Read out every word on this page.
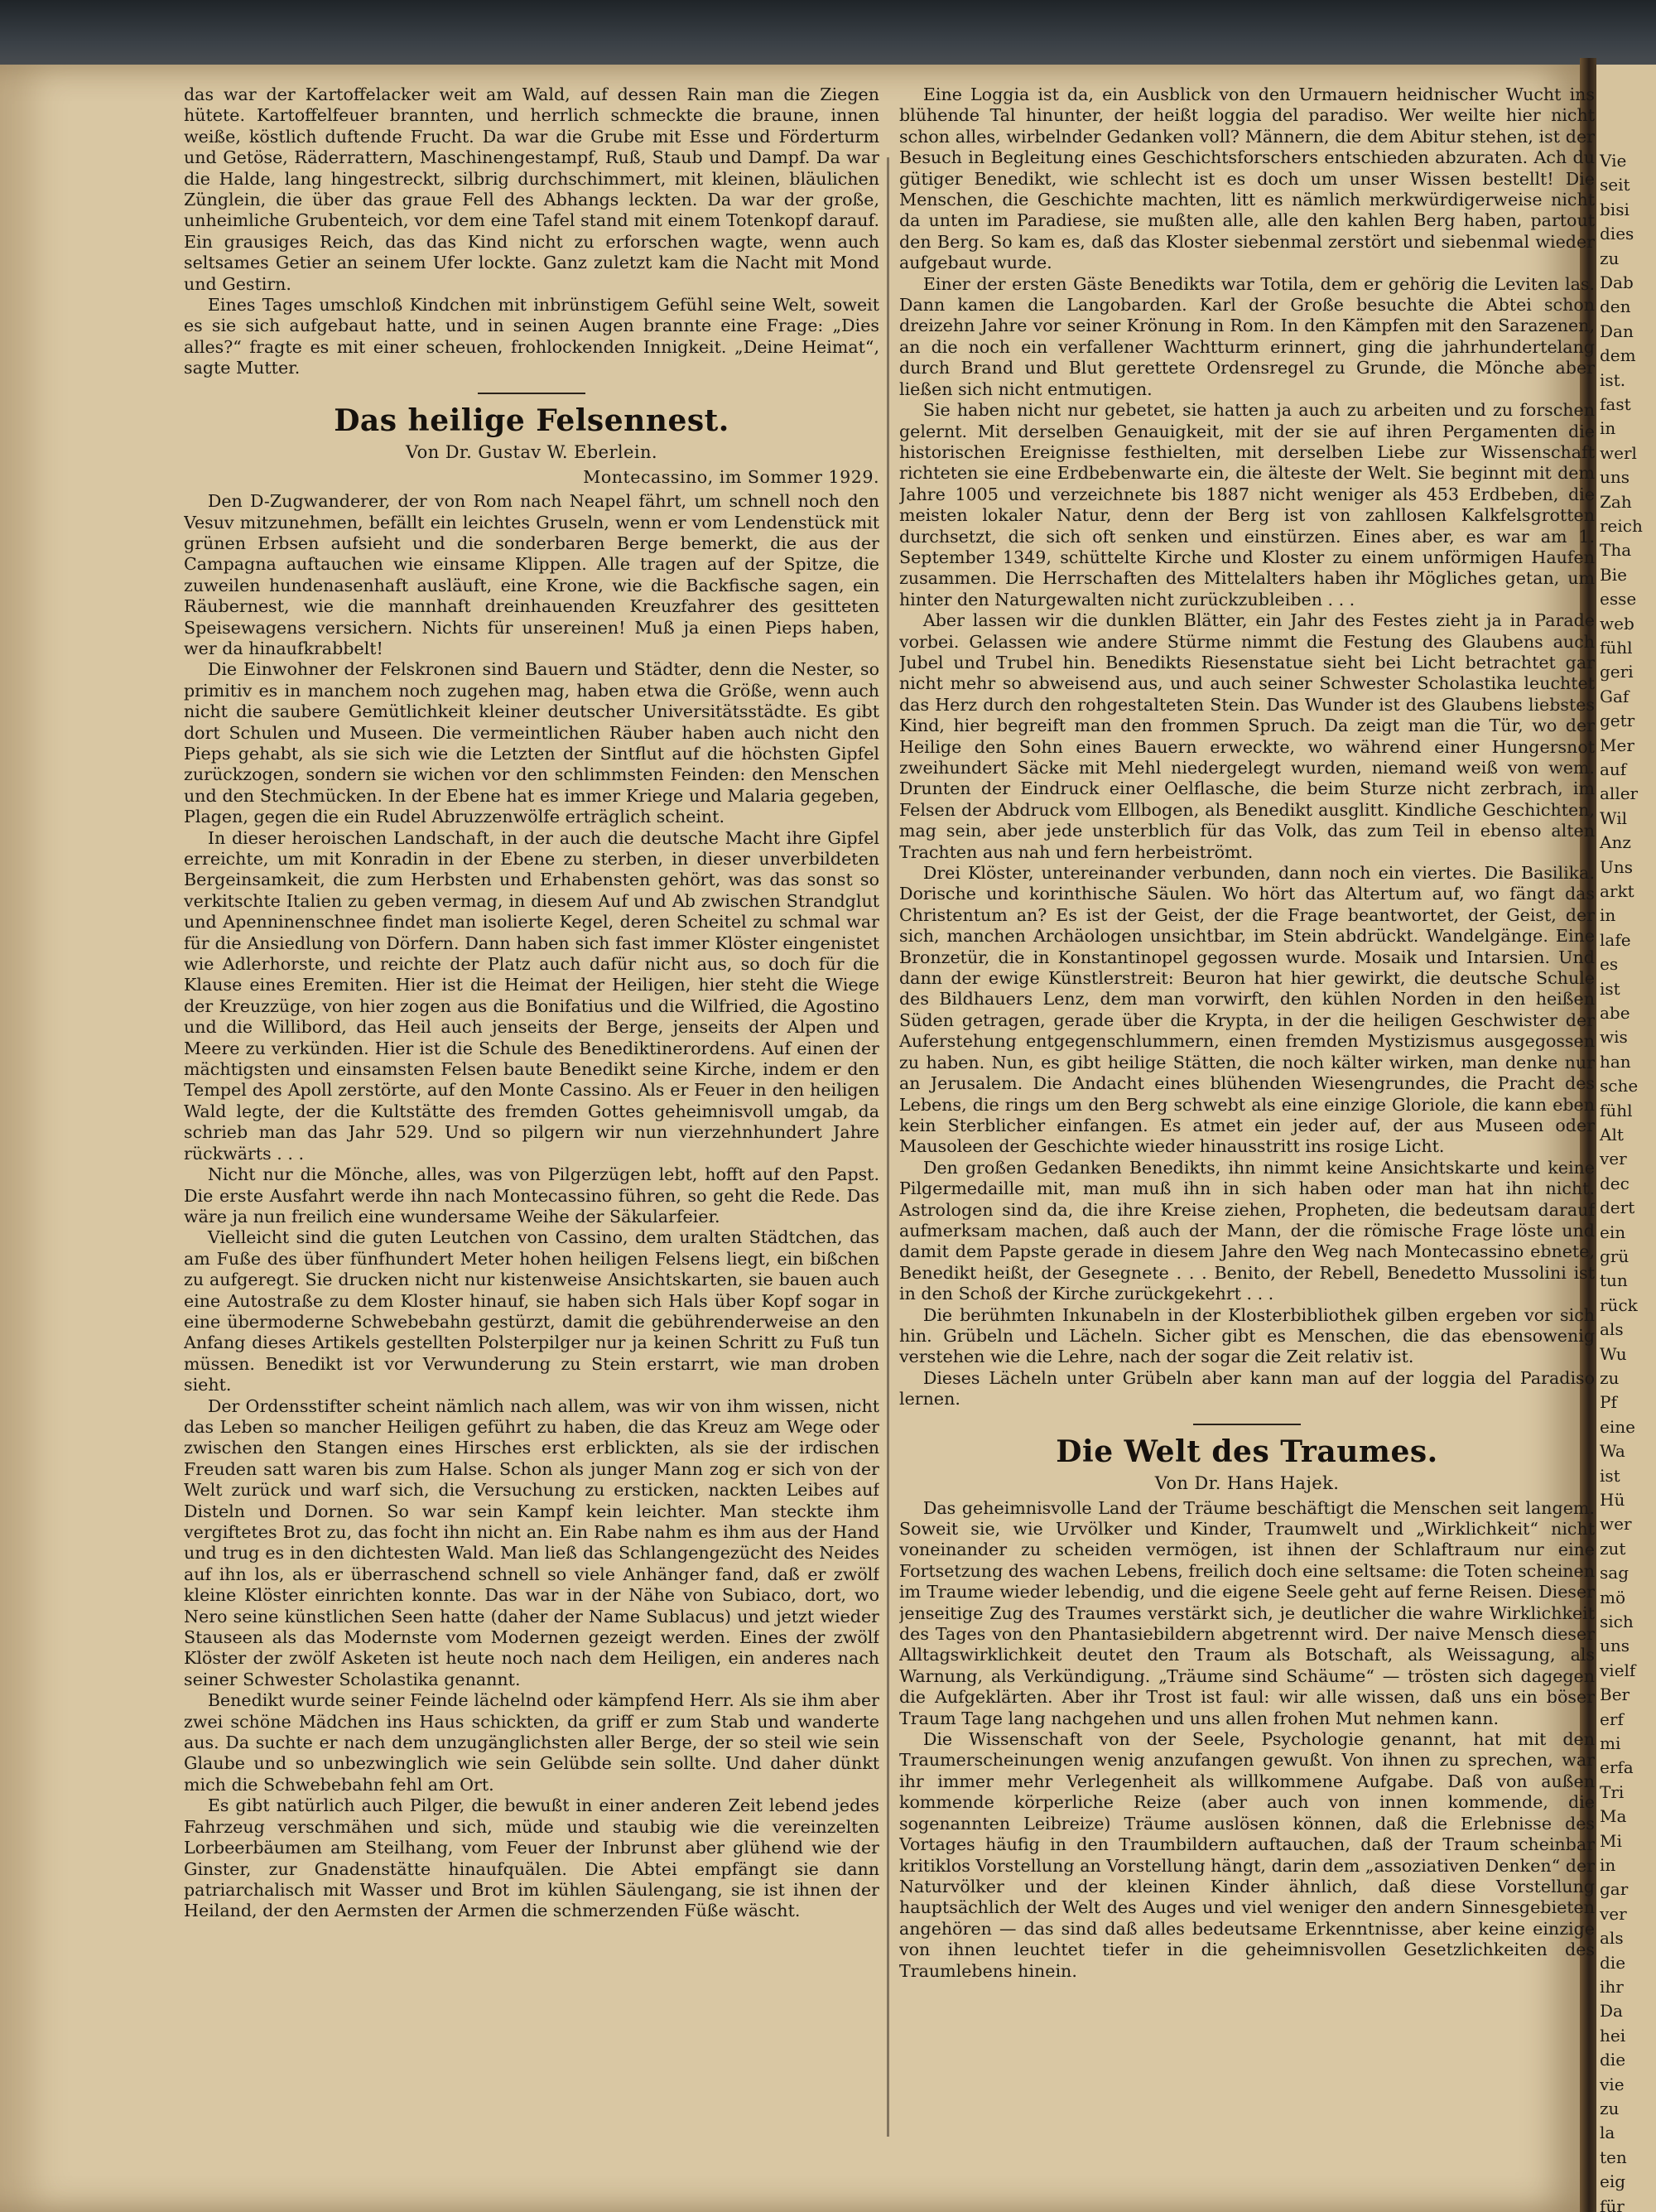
Vie
seit
bisi
dies
zu
Dab
den
Dan
dem
ist.
fast
in
werl
uns
Zah
reich
Tha
Bie
esse
web
fühl
geri
Gaf
getr
Mer
auf
aller
Wil
Anz
Uns
arkt
in
lafe
es
ist
abe
wis
han
sche
fühl
Alt
ver
dec
dert
ein
grü
tun
rück
als
Wu
zu
Pf
eine
Wa
ist
Hü
wer
zut
sag
mö
sich
uns
vielf
Ber
erf
mi
erfa
Tri
Ma
Mi
in
gar
ver
als
die
ihr
Da
hei
die
vie
zu
la
ten
eig
für

das war der Kartoffelacker weit am Wald, auf dessen Rain man die Ziegen hütete. Kartoffelfeuer brannten, und herrlich schmeckte die braune, innen weiße, köstlich duftende Frucht. Da war die Grube mit Esse und Förderturm und Getöse, Räderrattern, Maschinengestampf, Ruß, Staub und Dampf. Da war die Halde, lang hingestreckt, silbrig durchschimmert, mit kleinen, bläulichen Zünglein, die über das graue Fell des Abhangs leckten. Da war der große, unheimliche Grubenteich, vor dem eine Tafel stand mit einem Totenkopf darauf. Ein grausiges Reich, das das Kind nicht zu erforschen wagte, wenn auch seltsames Getier an seinem Ufer lockte. Ganz zuletzt kam die Nacht mit Mond und Gestirn.

Eines Tages umschloß Kindchen mit inbrünstigem Gefühl seine Welt, soweit es sie sich aufgebaut hatte, und in seinen Augen brannte eine Frage: „Dies alles?“ fragte es mit einer scheuen, frohlockenden Innigkeit. „Deine Heimat“, sagte Mutter.

Das heilige Felsennest.
Von Dr. Gustav W. Eberlein.

Montecassino, im Sommer 1929.

Den D-Zugwanderer, der von Rom nach Neapel fährt, um schnell noch den Vesuv mitzunehmen, befällt ein leichtes Gruseln, wenn er vom Lendenstück mit grünen Erbsen aufsieht und die sonderbaren Berge bemerkt, die aus der Campagna auftauchen wie einsame Klippen. Alle tragen auf der Spitze, die zuweilen hundenasenhaft ausläuft, eine Krone, wie die Backfische sagen, ein Räubernest, wie die mannhaft dreinhauenden Kreuzfahrer des gesitteten Speisewagens versichern. Nichts für unsereinen! Muß ja einen Pieps haben, wer da hinaufkrabbelt!

Die Einwohner der Felskronen sind Bauern und Städter, denn die Nester, so primitiv es in manchem noch zugehen mag, haben etwa die Größe, wenn auch nicht die saubere Gemütlichkeit kleiner deutscher Universitätsstädte. Es gibt dort Schulen und Museen. Die vermeintlichen Räuber haben auch nicht den Pieps gehabt, als sie sich wie die Letzten der Sintflut auf die höchsten Gipfel zurückzogen, sondern sie wichen vor den schlimmsten Feinden: den Menschen und den Stechmücken. In der Ebene hat es immer Kriege und Malaria gegeben, Plagen, gegen die ein Rudel Abruzzenwölfe erträglich scheint.

In dieser heroischen Landschaft, in der auch die deutsche Macht ihre Gipfel erreichte, um mit Konradin in der Ebene zu sterben, in dieser unverbildeten Bergeinsamkeit, die zum Herbsten und Erhabensten gehört, was das sonst so verkitschte Italien zu geben vermag, in diesem Auf und Ab zwischen Strandglut und Apenninenschnee findet man isolierte Kegel, deren Scheitel zu schmal war für die Ansiedlung von Dörfern. Dann haben sich fast immer Klöster eingenistet wie Adlerhorste, und reichte der Platz auch dafür nicht aus, so doch für die Klause eines Eremiten. Hier ist die Heimat der Heiligen, hier steht die Wiege der Kreuzzüge, von hier zogen aus die Bonifatius und die Wilfried, die Agostino und die Willibord, das Heil auch jenseits der Berge, jenseits der Alpen und Meere zu verkünden. Hier ist die Schule des Benediktinerordens. Auf einen der mächtigsten und einsamsten Felsen baute Benedikt seine Kirche, indem er den Tempel des Apoll zerstörte, auf den Monte Cassino. Als er Feuer in den heiligen Wald legte, der die Kultstätte des fremden Gottes geheimnisvoll umgab, da schrieb man das Jahr 529. Und so pilgern wir nun vierzehnhundert Jahre rückwärts . . .

Nicht nur die Mönche, alles, was von Pilgerzügen lebt, hofft auf den Papst. Die erste Ausfahrt werde ihn nach Montecassino führen, so geht die Rede. Das wäre ja nun freilich eine wundersame Weihe der Säkularfeier.

Vielleicht sind die guten Leutchen von Cassino, dem uralten Städtchen, das am Fuße des über fünfhundert Meter hohen heiligen Felsens liegt, ein bißchen zu aufgeregt. Sie drucken nicht nur kistenweise Ansichtskarten, sie bauen auch eine Autostraße zu dem Kloster hinauf, sie haben sich Hals über Kopf sogar in eine übermoderne Schwebebahn gestürzt, damit die gebührenderweise an den Anfang dieses Artikels gestellten Polsterpilger nur ja keinen Schritt zu Fuß tun müssen. Benedikt ist vor Verwunderung zu Stein erstarrt, wie man droben sieht.

Der Ordensstifter scheint nämlich nach allem, was wir von ihm wissen, nicht das Leben so mancher Heiligen geführt zu haben, die das Kreuz am Wege oder zwischen den Stangen eines Hirsches erst erblickten, als sie der irdischen Freuden satt waren bis zum Halse. Schon als junger Mann zog er sich von der Welt zurück und warf sich, die Versuchung zu ersticken, nackten Leibes auf Disteln und Dornen. So war sein Kampf kein leichter. Man steckte ihm vergiftetes Brot zu, das focht ihn nicht an. Ein Rabe nahm es ihm aus der Hand und trug es in den dichtesten Wald. Man ließ das Schlangengezücht des Neides auf ihn los, als er überraschend schnell so viele Anhänger fand, daß er zwölf kleine Klöster einrichten konnte. Das war in der Nähe von Subiaco, dort, wo Nero seine künstlichen Seen hatte (daher der Name Sublacus) und jetzt wieder Stauseen als das Modernste vom Modernen gezeigt werden. Eines der zwölf Klöster der zwölf Asketen ist heute noch nach dem Heiligen, ein anderes nach seiner Schwester Scholastika genannt.

Benedikt wurde seiner Feinde lächelnd oder kämpfend Herr. Als sie ihm aber zwei schöne Mädchen ins Haus schickten, da griff er zum Stab und wanderte aus. Da suchte er nach dem unzugänglichsten aller Berge, der so steil wie sein Glaube und so unbezwinglich wie sein Gelübde sein sollte. Und daher dünkt mich die Schwebebahn fehl am Ort.

Es gibt natürlich auch Pilger, die bewußt in einer anderen Zeit lebend jedes Fahrzeug verschmähen und sich, müde und staubig wie die vereinzelten Lorbeerbäumen am Steilhang, vom Feuer der Inbrunst aber glühend wie der Ginster, zur Gnadenstätte hinaufquälen. Die Abtei empfängt sie dann patriarchalisch mit Wasser und Brot im kühlen Säulengang, sie ist ihnen der Heiland, der den Aermsten der Armen die schmerzenden Füße wäscht.

Eine Loggia ist da, ein Ausblick von den Urmauern heidnischer Wucht ins blühende Tal hinunter, der heißt loggia del paradiso. Wer weilte hier nicht schon alles, wirbelnder Gedanken voll? Männern, die dem Abitur stehen, ist der Besuch in Begleitung eines Geschichtsforschers entschieden abzuraten. Ach du gütiger Benedikt, wie schlecht ist es doch um unser Wissen bestellt! Die Menschen, die Geschichte machten, litt es nämlich merkwürdigerweise nicht da unten im Paradiese, sie mußten alle, alle den kahlen Berg haben, partout den Berg. So kam es, daß das Kloster siebenmal zerstört und siebenmal wieder aufgebaut wurde.

Einer der ersten Gäste Benedikts war Totila, dem er gehörig die Leviten las. Dann kamen die Langobarden. Karl der Große besuchte die Abtei schon dreizehn Jahre vor seiner Krönung in Rom. In den Kämpfen mit den Sarazenen, an die noch ein verfallener Wachtturm erinnert, ging die jahrhundertelang durch Brand und Blut gerettete Ordensregel zu Grunde, die Mönche aber ließen sich nicht entmutigen.

Sie haben nicht nur gebetet, sie hatten ja auch zu arbeiten und zu forschen gelernt. Mit derselben Genauigkeit, mit der sie auf ihren Pergamenten die historischen Ereignisse festhielten, mit derselben Liebe zur Wissenschaft richteten sie eine Erdbebenwarte ein, die älteste der Welt. Sie beginnt mit dem Jahre 1005 und verzeichnete bis 1887 nicht weniger als 453 Erdbeben, die meisten lokaler Natur, denn der Berg ist von zahllosen Kalkfelsgrotten durchsetzt, die sich oft senken und einstürzen. Eines aber, es war am 1. September 1349, schüttelte Kirche und Kloster zu einem unförmigen Haufen zusammen. Die Herrschaften des Mittelalters haben ihr Mögliches getan, um hinter den Naturgewalten nicht zurückzubleiben . . .

Aber lassen wir die dunklen Blätter, ein Jahr des Festes zieht ja in Parade vorbei. Gelassen wie andere Stürme nimmt die Festung des Glaubens auch Jubel und Trubel hin. Benedikts Riesenstatue sieht bei Licht betrachtet gar nicht mehr so abweisend aus, und auch seiner Schwester Scholastika leuchtet das Herz durch den rohgestalteten Stein. Das Wunder ist des Glaubens liebstes Kind, hier begreift man den frommen Spruch. Da zeigt man die Tür, wo der Heilige den Sohn eines Bauern erweckte, wo während einer Hungersnot zweihundert Säcke mit Mehl niedergelegt wurden, niemand weiß von wem. Drunten der Eindruck einer Oelflasche, die beim Sturze nicht zerbrach, im Felsen der Abdruck vom Ellbogen, als Benedikt ausglitt. Kindliche Geschichten, mag sein, aber jede unsterblich für das Volk, das zum Teil in ebenso alten Trachten aus nah und fern herbeiströmt.

Drei Klöster, untereinander verbunden, dann noch ein viertes. Die Basilika. Dorische und korinthische Säulen. Wo hört das Altertum auf, wo fängt das Christentum an? Es ist der Geist, der die Frage beantwortet, der Geist, der sich, manchen Archäologen unsichtbar, im Stein abdrückt. Wandelgänge. Eine Bronzetür, die in Konstantinopel gegossen wurde. Mosaik und Intarsien. Und dann der ewige Künstlerstreit: Beuron hat hier gewirkt, die deutsche Schule des Bildhauers Lenz, dem man vorwirft, den kühlen Norden in den heißen Süden getragen, gerade über die Krypta, in der die heiligen Geschwister der Auferstehung entgegenschlummern, einen fremden Mystizismus ausgegossen zu haben. Nun, es gibt heilige Stätten, die noch kälter wirken, man denke nur an Jerusalem. Die Andacht eines blühenden Wiesengrundes, die Pracht des Lebens, die rings um den Berg schwebt als eine einzige Gloriole, die kann eben kein Sterblicher einfangen. Es atmet ein jeder auf, der aus Museen oder Mausoleen der Geschichte wieder hinausstritt ins rosige Licht.

Den großen Gedanken Benedikts, ihn nimmt keine Ansichtskarte und keine Pilgermedaille mit, man muß ihn in sich haben oder man hat ihn nicht. Astrologen sind da, die ihre Kreise ziehen, Propheten, die bedeutsam darauf aufmerksam machen, daß auch der Mann, der die römische Frage löste und damit dem Papste gerade in diesem Jahre den Weg nach Montecassino ebnete, Benedikt heißt, der Gesegnete . . . Benito, der Rebell, Benedetto Mussolini ist in den Schoß der Kirche zurückgekehrt . . .

Die berühmten Inkunabeln in der Klosterbibliothek gilben ergeben vor sich hin. Grübeln und Lächeln. Sicher gibt es Menschen, die das ebensowenig verstehen wie die Lehre, nach der sogar die Zeit relativ ist.

Dieses Lächeln unter Grübeln aber kann man auf der loggia del Paradiso lernen.

Die Welt des Traumes.
Von Dr. Hans Hajek.

Das geheimnisvolle Land der Träume beschäftigt die Menschen seit langem. Soweit sie, wie Urvölker und Kinder, Traumwelt und „Wirklichkeit“ nicht voneinander zu scheiden vermögen, ist ihnen der Schlaftraum nur eine Fortsetzung des wachen Lebens, freilich doch eine seltsame: die Toten scheinen im Traume wieder lebendig, und die eigene Seele geht auf ferne Reisen. Dieser jenseitige Zug des Traumes verstärkt sich, je deutlicher die wahre Wirklichkeit des Tages von den Phantasiebildern abgetrennt wird. Der naive Mensch dieser Alltagswirklichkeit deutet den Traum als Botschaft, als Weissagung, als Warnung, als Verkündigung. „Träume sind Schäume“ — trösten sich dagegen die Aufgeklärten. Aber ihr Trost ist faul: wir alle wissen, daß uns ein böser Traum Tage lang nachgehen und uns allen frohen Mut nehmen kann.

Die Wissenschaft von der Seele, Psychologie genannt, hat mit den Traumerscheinungen wenig anzufangen gewußt. Von ihnen zu sprechen, war ihr immer mehr Verlegenheit als willkommene Aufgabe. Daß von außen kommende körperliche Reize (aber auch von innen kommende, die sogenannten Leibreize) Träume auslösen können, daß die Erlebnisse des Vortages häufig in den Traumbildern auftauchen, daß der Traum scheinbar kritiklos Vorstellung an Vorstellung hängt, darin dem „assoziativen Denken“ der Naturvölker und der kleinen Kinder ähnlich, daß diese Vorstellung hauptsächlich der Welt des Auges und viel weniger den andern Sinnesgebieten angehören — das sind daß alles bedeutsame Erkenntnisse, aber keine einzige von ihnen leuchtet tiefer in die geheimnisvollen Gesetzlichkeiten des Traumlebens hinein.
